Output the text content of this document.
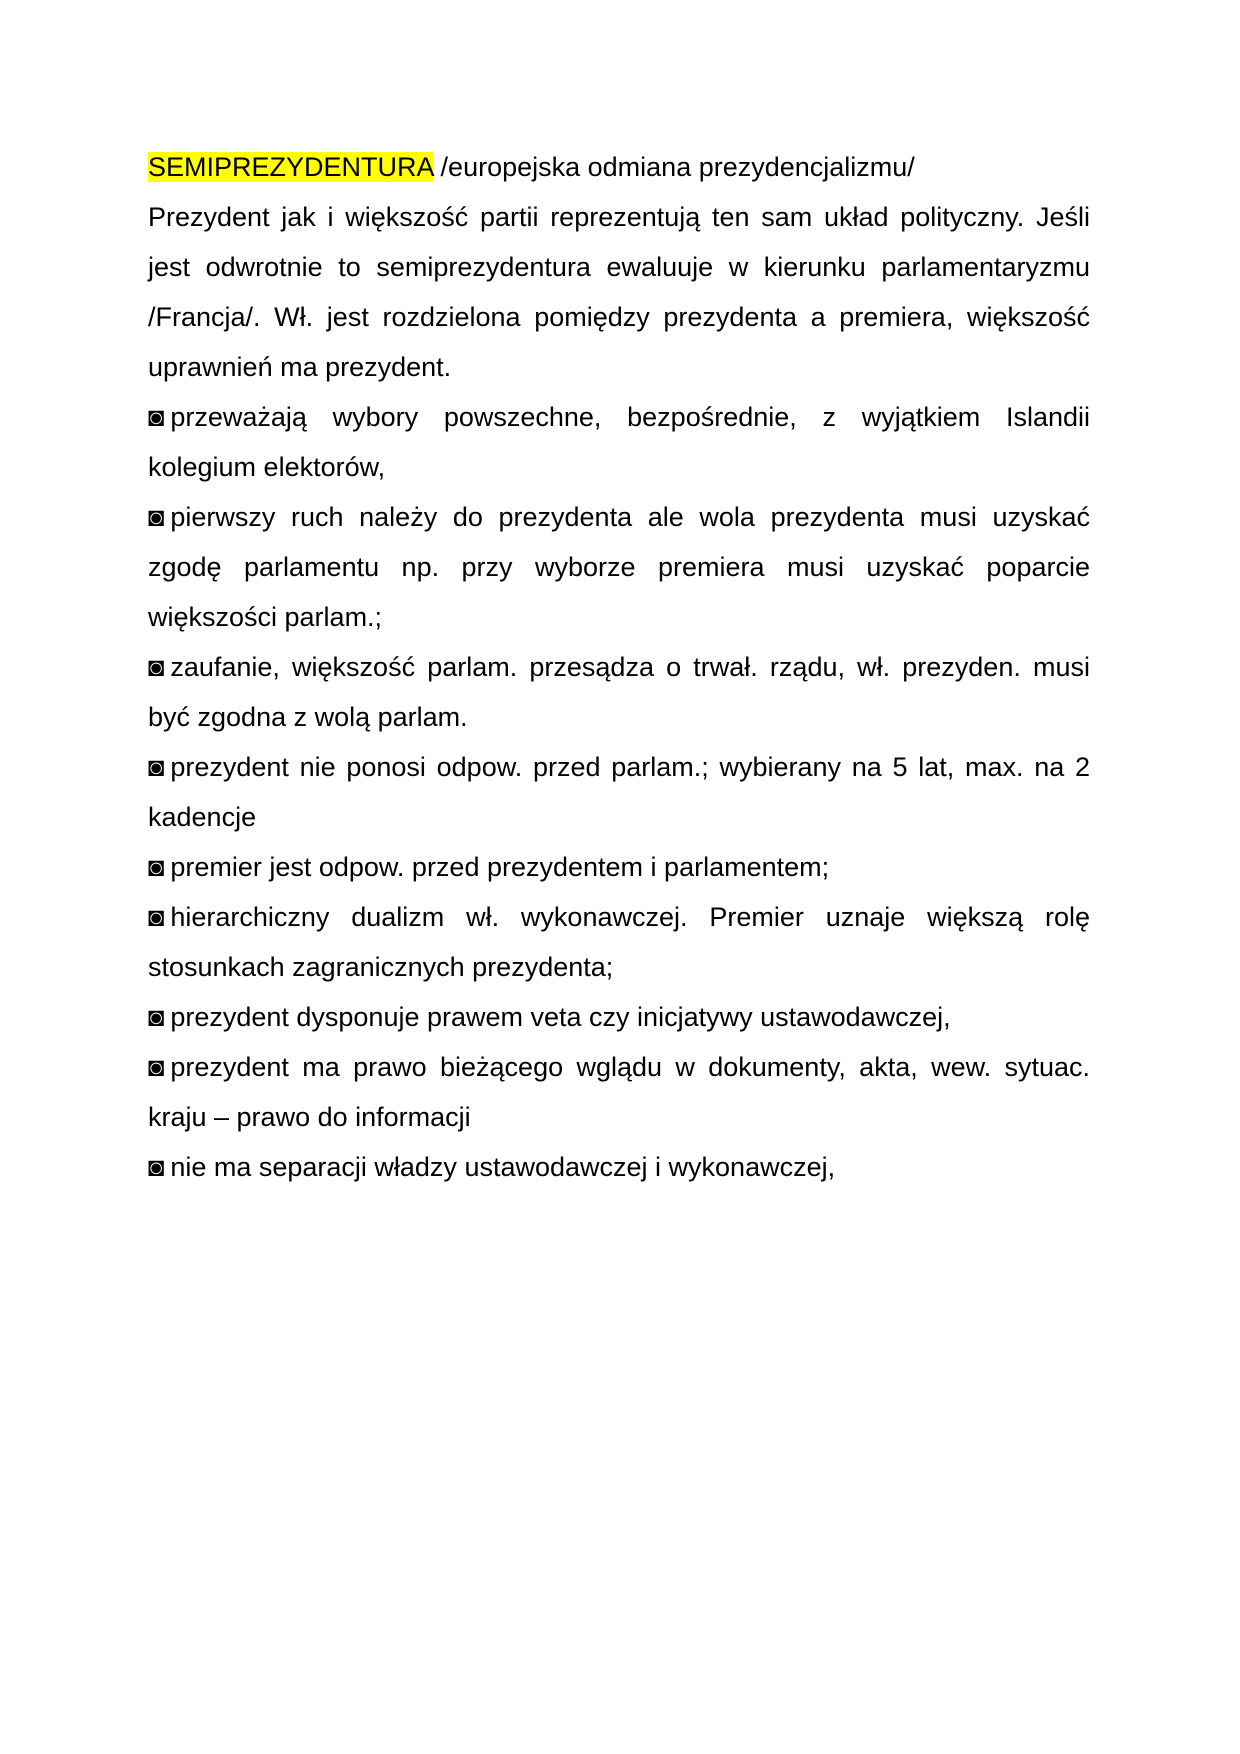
SEMIPREZYDENTURA /europejska odmiana prezydencjalizmu/

Prezydent jak i większość partii reprezentują ten sam układ polityczny. Jeśli jest odwrotnie to semiprezydentura ewaluuje w kierunku parlamentaryzmu /Francja/. Wł. jest rozdzielona pomiędzy prezydenta a premiera, większość uprawnień ma prezydent.

◙ przeważają wybory powszechne, bezpośrednie, z wyjątkiem Islandii kolegium elektorów,

◙ pierwszy ruch należy do prezydenta ale wola prezydenta musi uzyskać zgodę parlamentu np. przy wyborze premiera musi uzyskać poparcie większości parlam.;

◙ zaufanie, większość parlam. przesądza o trwał. rządu, wł. prezyden. musi być zgodna z wolą parlam.

◙ prezydent nie ponosi odpow. przed parlam.; wybierany na 5 lat, max. na 2 kadencje

◙ premier jest odpow. przed prezydentem i parlamentem;

◙ hierarchiczny dualizm wł. wykonawczej. Premier uznaje większą rolę stosunkach zagranicznych prezydenta;

◙ prezydent dysponuje prawem veta czy inicjatywy ustawodawczej,

◙ prezydent ma prawo bieżącego wglądu w dokumenty, akta, wew. sytuac. kraju – prawo do informacji

◙ nie ma separacji władzy ustawodawczej i wykonawczej,
